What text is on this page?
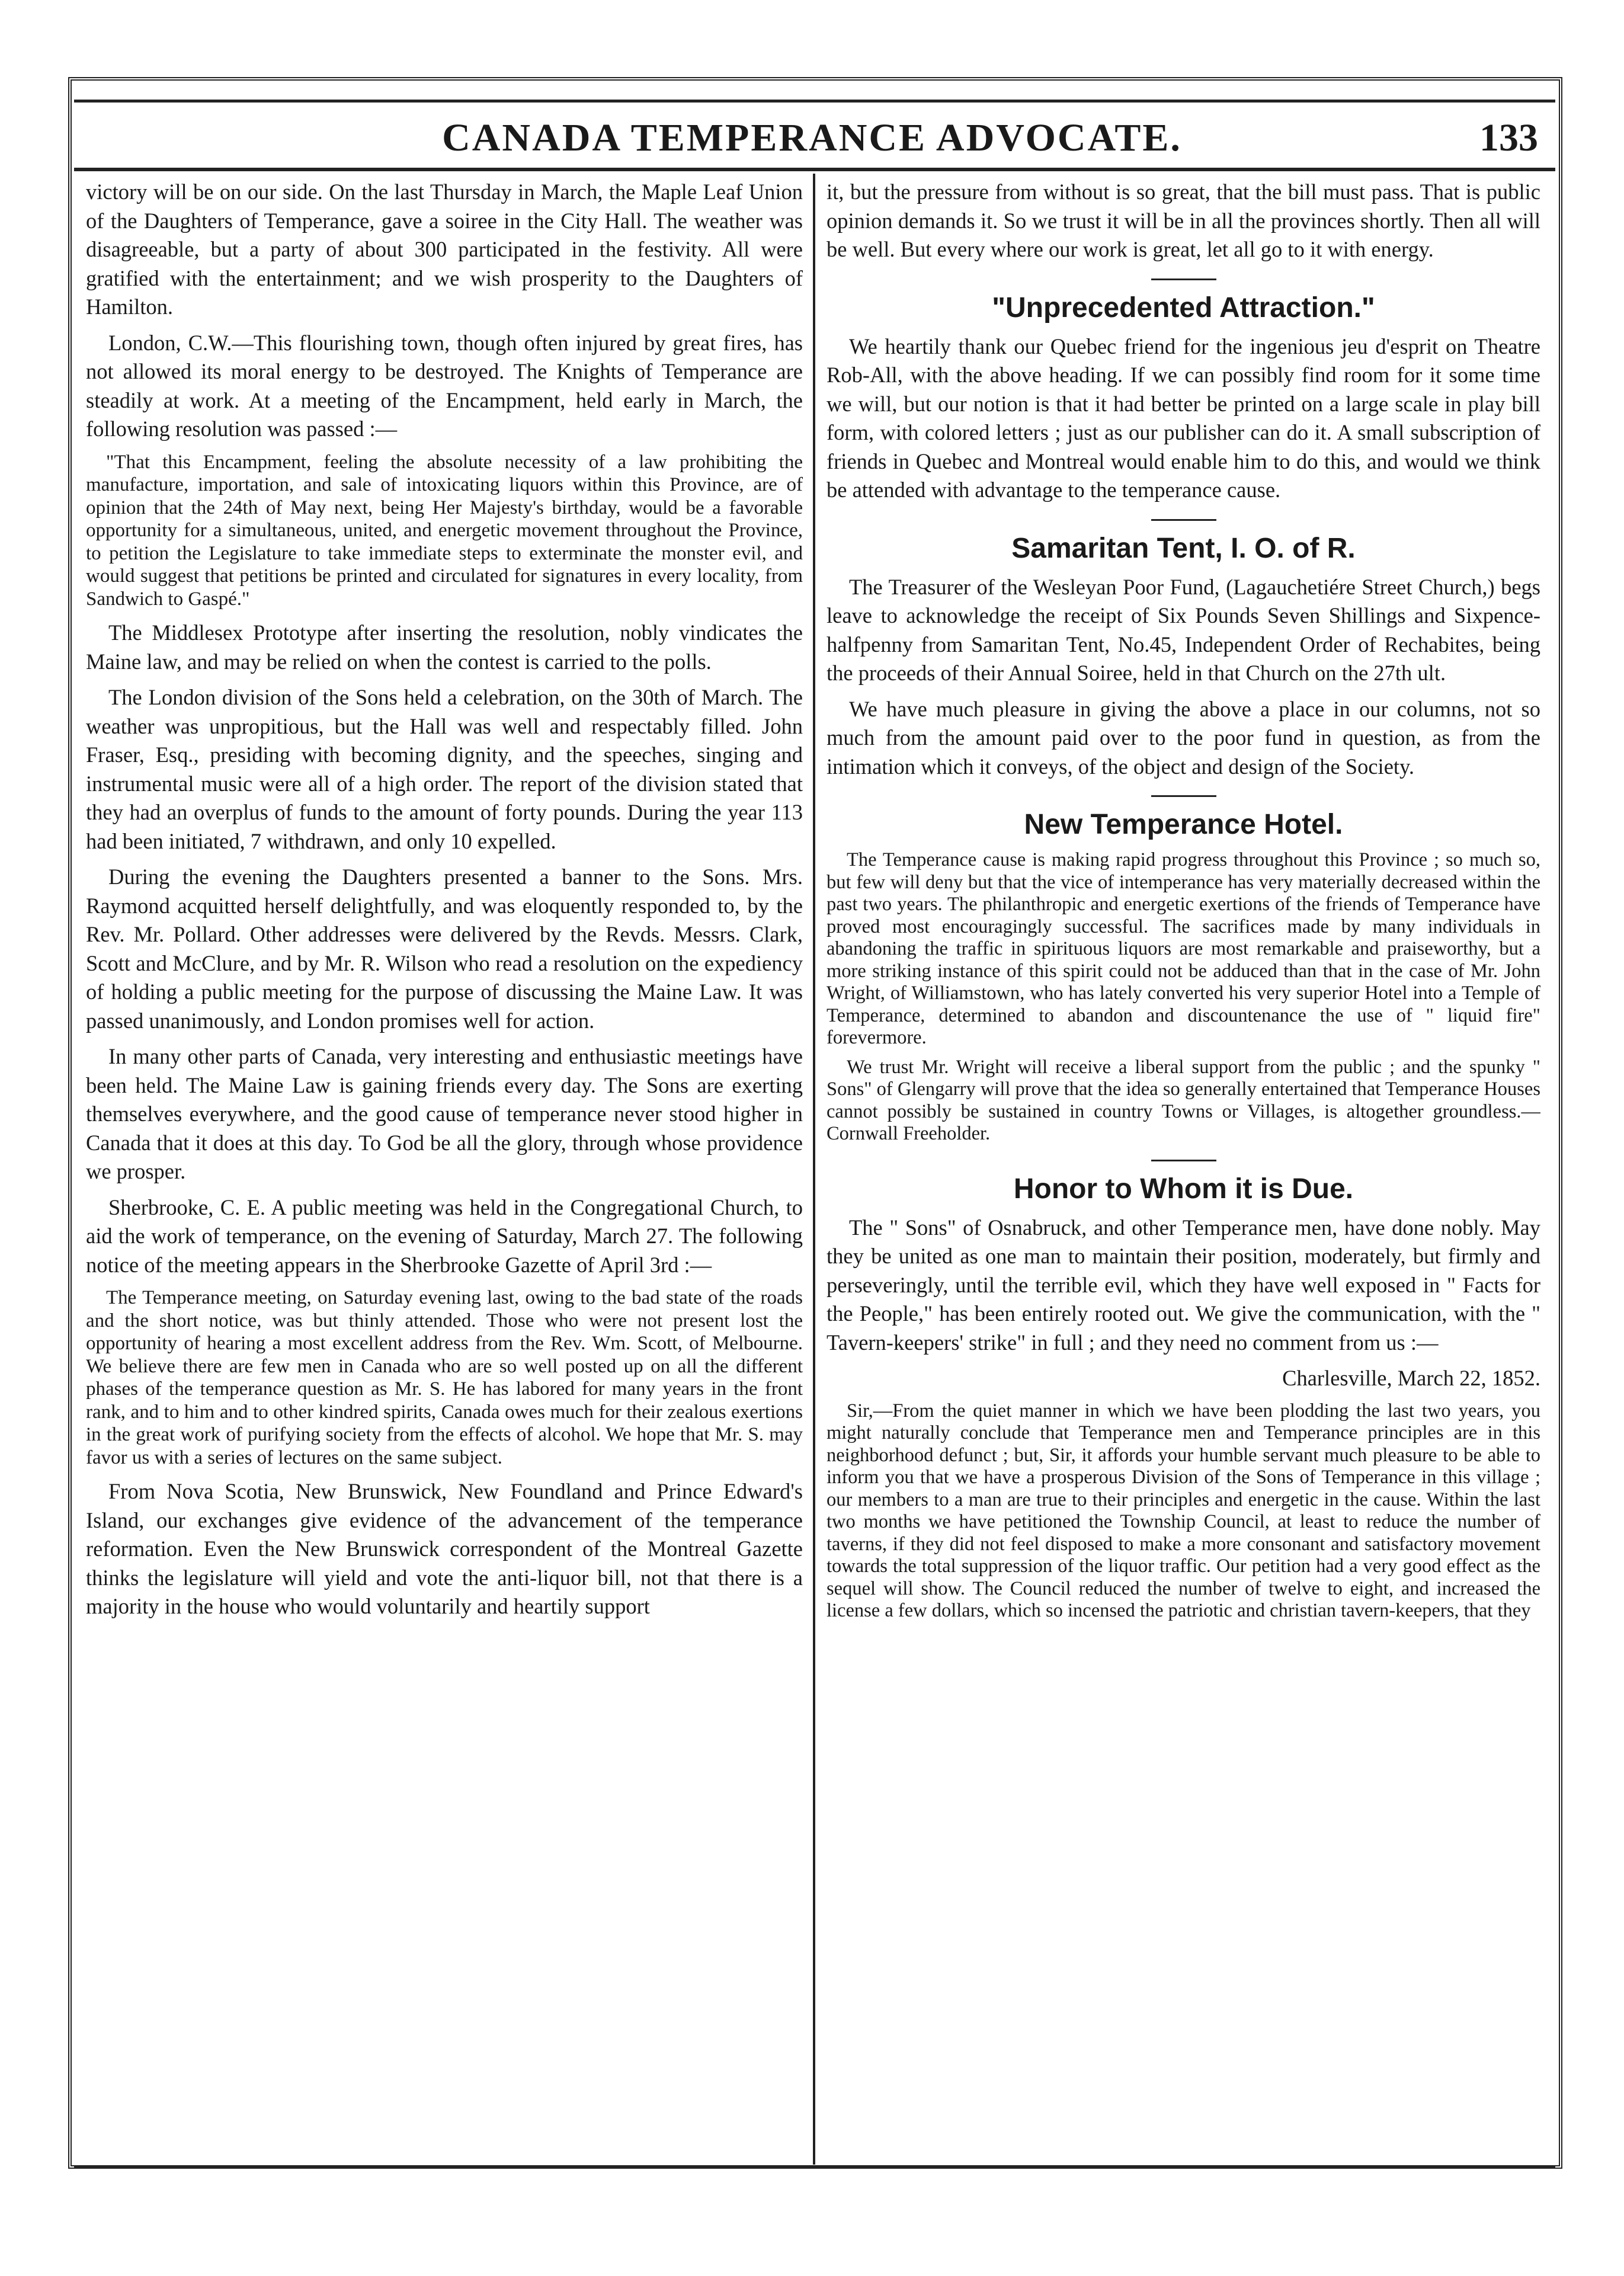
CANADA TEMPERANCE ADVOCATE.	133

victory will be on our side. On the last Thursday in March, the Maple Leaf Union of the Daughters of Temperance, gave a soiree in the City Hall. The weather was disagreeable, but a party of about 300 participated in the festivity. All were gratified with the entertainment; and we wish prosperity to the Daughters of Hamilton.

London, C.W.—This flourishing town, though often injured by great fires, has not allowed its moral energy to be destroyed. The Knights of Temperance are steadily at work. At a meeting of the Encampment, held early in March, the following resolution was passed :—

"That this Encampment, feeling the absolute necessity of a law prohibiting the manufacture, importation, and sale of intoxicating liquors within this Province, are of opinion that the 24th of May next, being Her Majesty's birthday, would be a favorable opportunity for a simultaneous, united, and energetic movement throughout the Province, to petition the Legislature to take immediate steps to exterminate the monster evil, and would suggest that petitions be printed and circulated for signatures in every locality, from Sandwich to Gaspé."

The Middlesex Prototype after inserting the resolution, nobly vindicates the Maine law, and may be relied on when the contest is carried to the polls.

The London division of the Sons held a celebration, on the 30th of March. The weather was unpropitious, but the Hall was well and respectably filled. John Fraser, Esq., presiding with becoming dignity, and the speeches, singing and instrumental music were all of a high order. The report of the division stated that they had an overplus of funds to the amount of forty pounds. During the year 113 had been initiated, 7 withdrawn, and only 10 expelled.

During the evening the Daughters presented a banner to the Sons. Mrs. Raymond acquitted herself delightfully, and was eloquently responded to, by the Rev. Mr. Pollard. Other addresses were delivered by the Revds. Messrs. Clark, Scott and McClure, and by Mr. R. Wilson who read a resolution on the expediency of holding a public meeting for the purpose of discussing the Maine Law. It was passed unanimously, and London promises well for action.

In many other parts of Canada, very interesting and enthusiastic meetings have been held. The Maine Law is gaining friends every day. The Sons are exerting themselves everywhere, and the good cause of temperance never stood higher in Canada that it does at this day. To God be all the glory, through whose providence we prosper.

Sherbrooke, C. E. A public meeting was held in the Congregational Church, to aid the work of temperance, on the evening of Saturday, March 27. The following notice of the meeting appears in the Sherbrooke Gazette of April 3rd :—

The Temperance meeting, on Saturday evening last, owing to the bad state of the roads and the short notice, was but thinly attended. Those who were not present lost the opportunity of hearing a most excellent address from the Rev. Wm. Scott, of Melbourne. We believe there are few men in Canada who are so well posted up on all the different phases of the temperance question as Mr. S. He has labored for many years in the front rank, and to him and to other kindred spirits, Canada owes much for their zealous exertions in the great work of purifying society from the effects of alcohol. We hope that Mr. S. may favor us with a series of lectures on the same subject.

From Nova Scotia, New Brunswick, New Foundland and Prince Edward's Island, our exchanges give evidence of the advancement of the temperance reformation. Even the New Brunswick correspondent of the Montreal Gazette thinks the legislature will yield and vote the anti-liquor bill, not that there is a majority in the house who would voluntarily and heartily support

it, but the pressure from without is so great, that the bill must pass. That is public opinion demands it. So we trust it will be in all the provinces shortly. Then all will be well. But every where our work is great, let all go to it with energy.

"Unprecedented Attraction."

We heartily thank our Quebec friend for the ingenious jeu d'esprit on Theatre Rob-All, with the above heading. If we can possibly find room for it some time we will, but our notion is that it had better be printed on a large scale in play bill form, with colored letters ; just as our publisher can do it. A small subscription of friends in Quebec and Montreal would enable him to do this, and would we think be attended with advantage to the temperance cause.

Samaritan Tent, I. O. of R.

The Treasurer of the Wesleyan Poor Fund, (Lagauchetiére Street Church,) begs leave to acknowledge the receipt of Six Pounds Seven Shillings and Sixpence-halfpenny from Samaritan Tent, No.45, Independent Order of Rechabites, being the proceeds of their Annual Soiree, held in that Church on the 27th ult.

We have much pleasure in giving the above a place in our columns, not so much from the amount paid over to the poor fund in question, as from the intimation which it conveys, of the object and design of the Society.

New Temperance Hotel.

The Temperance cause is making rapid progress throughout this Province ; so much so, but few will deny but that the vice of intemperance has very materially decreased within the past two years. The philanthropic and energetic exertions of the friends of Temperance have proved most encouragingly successful. The sacrifices made by many individuals in abandoning the traffic in spirituous liquors are most remarkable and praiseworthy, but a more striking instance of this spirit could not be adduced than that in the case of Mr. John Wright, of Williamstown, who has lately converted his very superior Hotel into a Temple of Temperance, determined to abandon and discountenance the use of " liquid fire" forevermore.

We trust Mr. Wright will receive a liberal support from the public ; and the spunky " Sons" of Glengarry will prove that the idea so generally entertained that Temperance Houses cannot possibly be sustained in country Towns or Villages, is altogether groundless.—Cornwall Freeholder.

Honor to Whom it is Due.

The " Sons" of Osnabruck, and other Temperance men, have done nobly. May they be united as one man to maintain their position, moderately, but firmly and perseveringly, until the terrible evil, which they have well exposed in " Facts for the People," has been entirely rooted out. We give the communication, with the " Tavern-keepers' strike" in full ; and they need no comment from us :—

Charlesville, March 22, 1852.

Sir,—From the quiet manner in which we have been plodding the last two years, you might naturally conclude that Temperance men and Temperance principles are in this neighborhood defunct ; but, Sir, it affords your humble servant much pleasure to be able to inform you that we have a prosperous Division of the Sons of Temperance in this village ; our members to a man are true to their principles and energetic in the cause. Within the last two months we have petitioned the Township Council, at least to reduce the number of taverns, if they did not feel disposed to make a more consonant and satisfactory movement towards the total suppression of the liquor traffic. Our petition had a very good effect as the sequel will show. The Council reduced the number of twelve to eight, and increased the license a few dollars, which so incensed the patriotic and christian tavern-keepers, that they
